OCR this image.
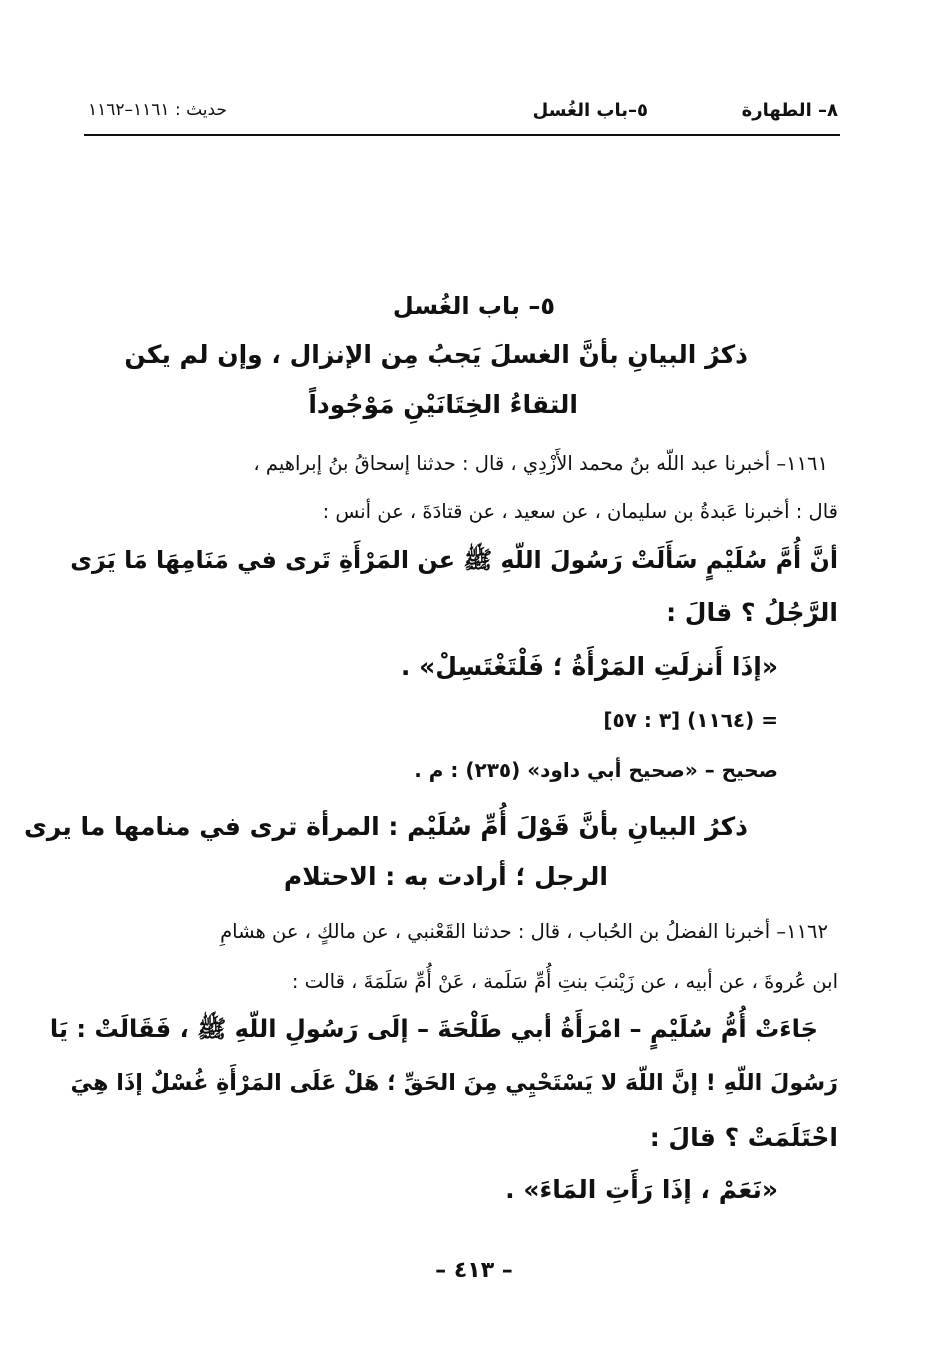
٨– الطهارة
٥–باب الغُسل
حديث : ١١٦١–١١٦٢
٥– باب الغُسل
ذكرُ البيانِ بأنَّ الغسلَ يَجبُ مِن الإنزال ، وإن لم يكن
التقاءُ الخِتَانَيْنِ مَوْجُوداً
١١٦١– أخبرنا عبد اللّه بنُ محمد الأَزْدِي ، قال : حدثنا إسحاقُ بنُ إبراهيم ،
قال : أخبرنا عَبدةُ بن سليمان ، عن سعيد ، عن قتادَةَ ، عن أنس :
أنَّ أُمَّ سُلَيْمٍ سَأَلَتْ رَسُولَ اللّهِ ﷺ عن المَرْأَةِ تَرى في مَنَامِهَا مَا يَرَى
الرَّجُلُ ؟ قالَ :
«إذَا أَنزلَتِ المَرْأَةُ ؛ فَلْتَغْتَسِلْ» .
= (١١٦٤) [٣ : ٥٧]
صحيح – «صحيح أبي داود» (٢٣٥) : م .
ذكرُ البيانِ بأنَّ قَوْلَ أُمِّ سُلَيْم : المرأة ترى في منامها ما يرى
الرجل ؛ أرادت به : الاحتلام
١١٦٢– أخبرنا الفضلُ بن الحُباب ، قال : حدثنا القَعْنبي ، عن مالكٍ ، عن هشامِ
ابن عُروةَ ، عن أبيه ، عن زَيْنبَ بنتِ أُمِّ سَلَمة ، عَنْ أُمِّ سَلَمَةَ ، قالت :
جَاءَتْ أُمُّ سُلَيْمٍ – امْرَأَةُ أبي طَلْحَةَ – إلَى رَسُولِ اللّهِ ﷺ ، فَقَالَتْ : يَا
رَسُولَ اللّهِ ! إنَّ اللّهَ لا يَسْتَحْيِي مِنَ الحَقِّ ؛ هَلْ عَلَى المَرْأَةِ غُسْلٌ إذَا هِيَ
احْتَلَمَتْ ؟ قالَ :
«نَعَمْ ، إذَا رَأَتِ المَاءَ» .
– ٤١٣ –
